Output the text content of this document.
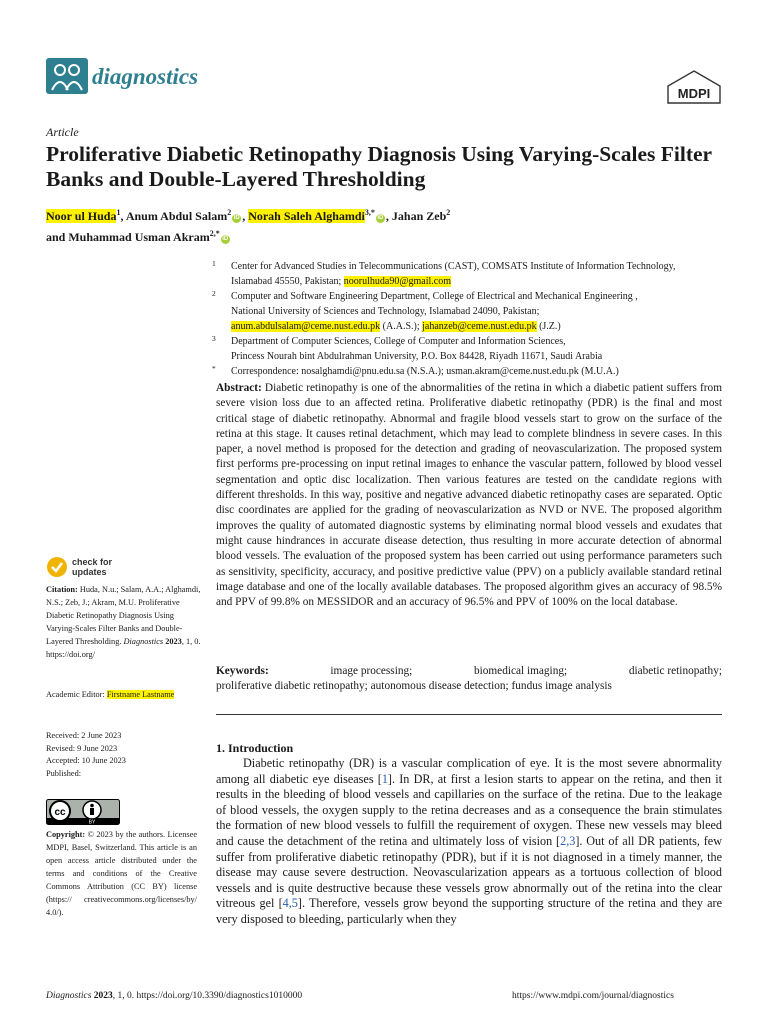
diagnostics
MDPI
Article
Proliferative Diabetic Retinopathy Diagnosis Using Varying-Scales Filter Banks and Double-Layered Thresholding
Noor ul Huda$^1$, Anum Abdul Salam$^2$iD , Norah Saleh Alghamdi$^{3,*}$iD , Jahan Zeb$^2$
and Muhammad Usman Akram$^{2,*}$iD
1 Center for Advanced Studies in Telecommunications (CAST), COMSATS Institute of Information Technology,
Islamabad 45550, Pakistan; noorulhuda90@gmail.com
2 Computer and Software Engineering Department, College of Electrical and Mechanical Engineering ,
National University of Sciences and Technology, Islamabad 24090, Pakistan;
anum.abdulsalam@ceme.nust.edu.pk (A.A.S.); jahanzeb@ceme.nust.edu.pk (J.Z.)
3 Department of Computer Sciences, College of Computer and Information Sciences,
Princess Nourah bint Abdulrahman University, P.O. Box 84428, Riyadh 11671, Saudi Arabia
* Correspondence: nosalghamdi@pnu.edu.sa (N.S.A.); usman.akram@ceme.nust.edu.pk (M.U.A.)
Abstract: Diabetic retinopathy is one of the abnormalities of the retina in which a diabetic patient suffers from severe vision loss due to an affected retina. Proliferative diabetic retinopathy (PDR) is the final and most critical stage of diabetic retinopathy. Abnormal and fragile blood vessels start to grow on the surface of the retina at this stage. It causes retinal detachment, which may lead to complete blindness in severe cases. In this paper, a novel method is proposed for the detection and grading of neovascularization. The proposed system first performs pre-processing on input retinal images to enhance the vascular pattern, followed by blood vessel segmentation and optic disc localization. Then various features are tested on the candidate regions with different thresholds. In this way, positive and negative advanced diabetic retinopathy cases are separated. Optic disc coordinates are applied for the grading of neovascularization as NVD or NVE. The proposed algorithm improves the quality of automated diagnostic systems by eliminating normal blood vessels and exudates that might cause hindrances in accurate disease detection, thus resulting in more accurate detection of abnormal blood vessels. The evaluation of the proposed system has been carried out using performance parameters such as sensitivity, specificity, accuracy, and positive predictive value (PPV) on a publicly available standard retinal image database and one of the locally available databases. The proposed algorithm gives an accuracy of 98.5% and PPV of 99.8% on MESSIDOR and an accuracy of 96.5% and PPV of 100% on the local database.
Keywords:	image processing;	biomedical imaging;	diabetic retinopathy;
proliferative diabetic retinopathy; autonomous disease detection; fundus image analysis
1. Introduction
Diabetic retinopathy (DR) is a vascular complication of eye. It is the most severe abnormality among all diabetic eye diseases [1]. In DR, at first a lesion starts to appear on the retina, and then it results in the bleeding of blood vessels and capillaries on the surface of the retina. Due to the leakage of blood vessels, the oxygen supply to the retina decreases and as a consequence the brain stimulates the formation of new blood vessels to fulfill the requirement of oxygen. These new vessels may bleed and cause the detachment of the retina and ultimately loss of vision [2,3]. Out of all DR patients, few suffer from proliferative diabetic retinopathy (PDR), but if it is not diagnosed in a timely manner, the disease may cause severe destruction. Neovascularization appears as a tortuous collection of blood vessels and is quite destructive because these vessels grow abnormally out of the retina into the clear vitreous gel [4,5]. Therefore, vessels grow beyond the supporting structure of the retina and they are very disposed to bleeding, particularly when they
check for
updates
Citation: Huda, N.u.; Salam, A.A.; Alghamdi, N.S.; Zeb, J.; Akram, M.U. Proliferative Diabetic Retinopathy Diagnosis Using Varying-Scales Filter Banks and Double-Layered Thresholding. Diagnostics 2023, 1, 0. https://doi.org/
Academic Editor: Firstname Lastname
Received: 2 June 2023
Revised: 9 June 2023
Accepted: 10 June 2023
Published:
cc
BY
Copyright: © 2023 by the authors. Licensee MDPI, Basel, Switzerland. This article is an open access article distributed under the terms and conditions of the Creative Commons Attribution (CC BY) license (https:// creativecommons.org/licenses/by/ 4.0/).
Diagnostics 2023, 1, 0. https://doi.org/10.3390/diagnostics1010000	https://www.mdpi.com/journal/diagnostics
